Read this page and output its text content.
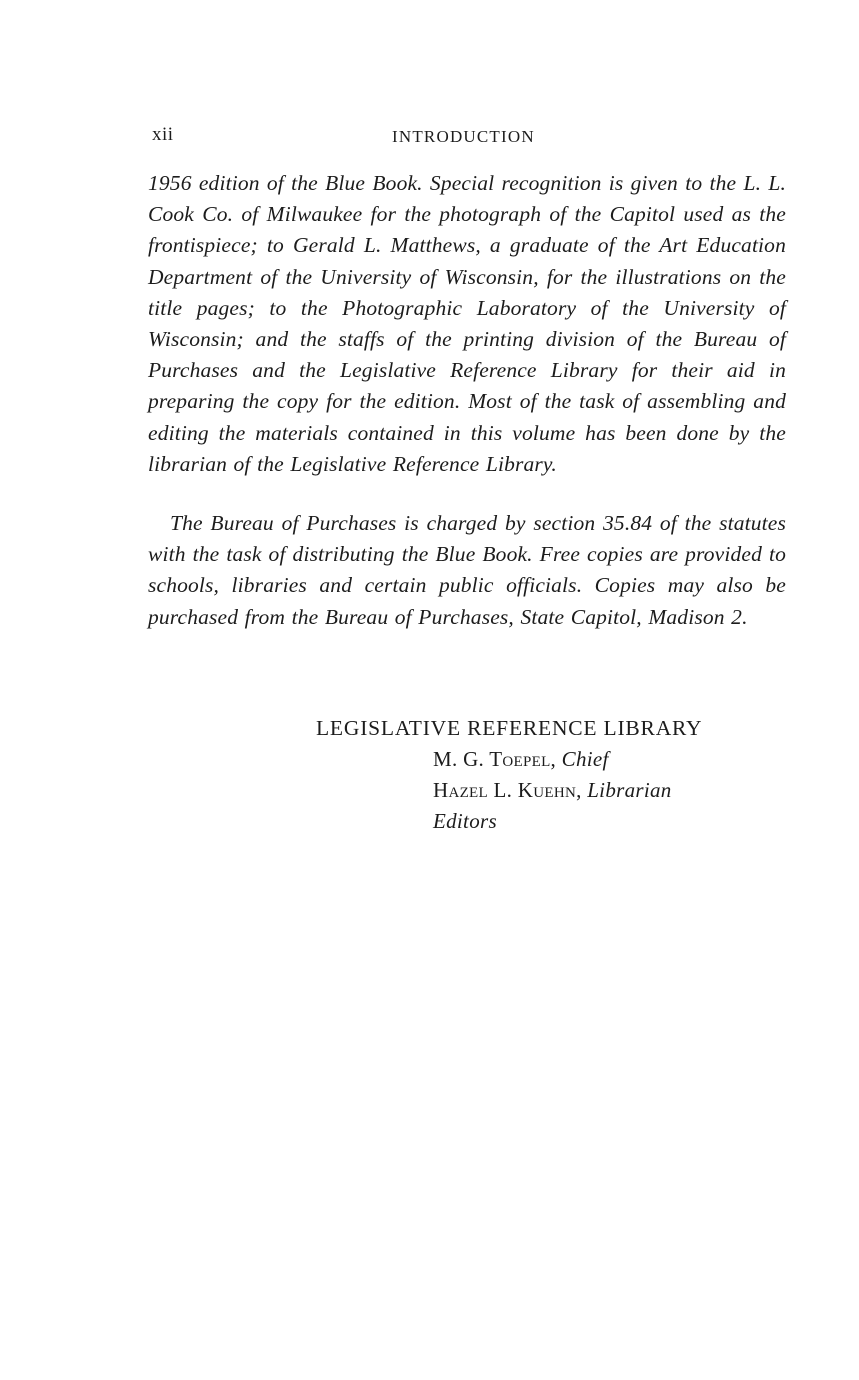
xii	INTRODUCTION

1956 edition of the Blue Book. Special recognition is given to the L. L. Cook Co. of Milwaukee for the photograph of the Capitol used as the frontispiece; to Gerald L. Matthews, a graduate of the Art Education Department of the University of Wisconsin, for the illustrations on the title pages; to the Photographic Laboratory of the University of Wisconsin; and the staffs of the printing division of the Bureau of Purchases and the Legislative Reference Library for their aid in preparing the copy for the edition. Most of the task of assembling and editing the materials contained in this volume has been done by the librarian of the Legislative Reference Library.

The Bureau of Purchases is charged by section 35.84 of the statutes with the task of distributing the Blue Book. Free copies are provided to schools, libraries and certain public officials. Copies may also be purchased from the Bureau of Purchases, State Capitol, Madison 2.

LEGISLATIVE REFERENCE LIBRARY
M. G. Toepel, Chief
Hazel L. Kuehn, Librarian
Editors
